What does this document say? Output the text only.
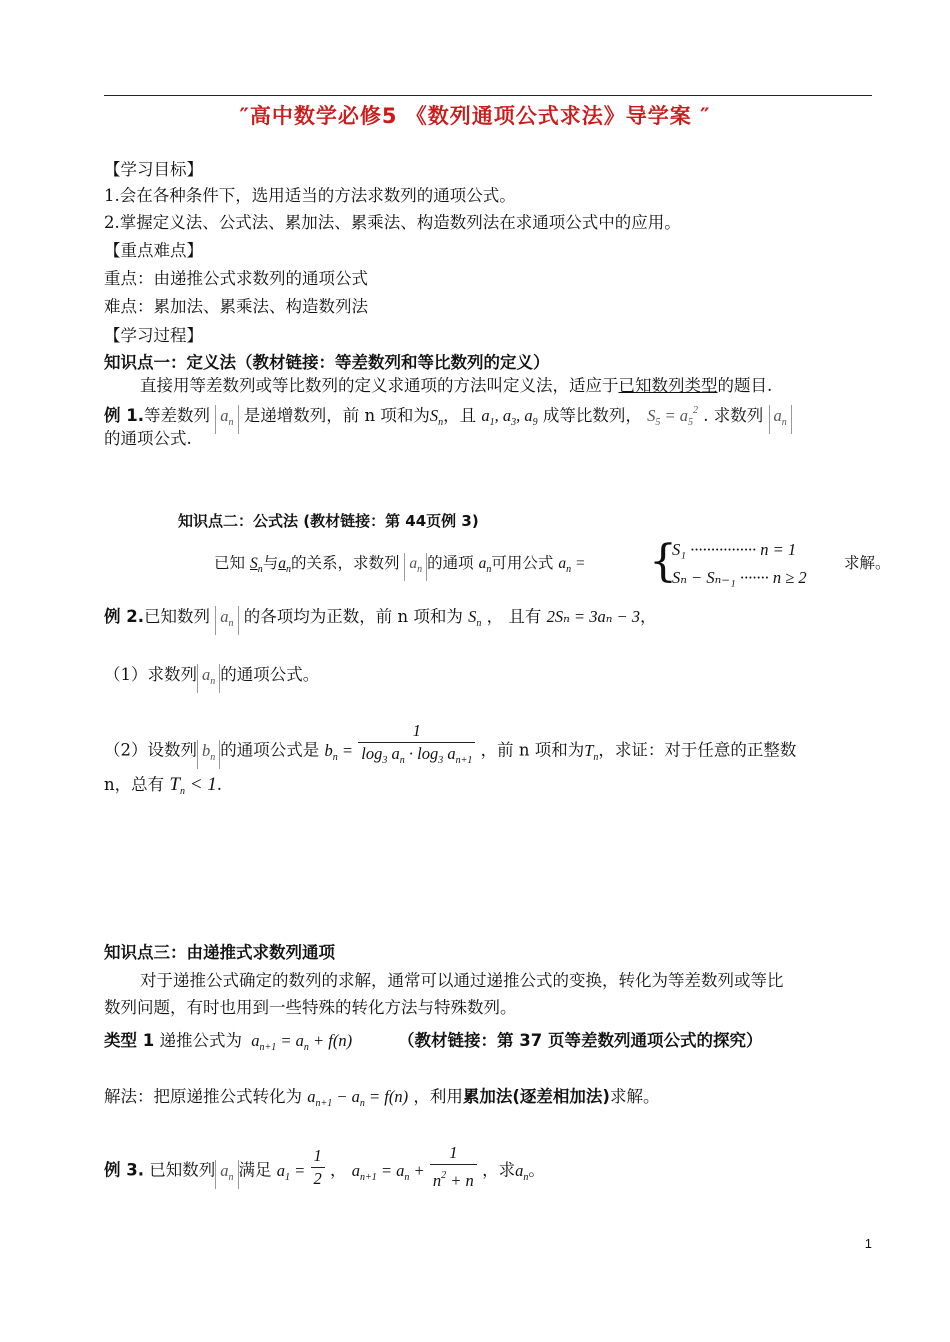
″高中数学必修5 《数列通项公式求法》导学案 ″
【学习目标】
1.会在各种条件下，选用适当的方法求数列的通项公式。
2.掌握定义法、公式法、累加法、累乘法、构造数列法在求通项公式中的应用。
【重点难点】
重点：由递推公式求数列的通项公式
难点：累加法、累乘法、构造数列法
【学习过程】
知识点一：定义法（教材链接：等差数列和等比数列的定义）
直接用等差数列或等比数列的定义求通项的方法叫定义法，适应于已知数列类型的题目.
例 1.等差数列 $a_n$ 是递增数列，前 n 项和为$S_n$，且 $a_1$, $a_3$, $a_9$ 成等比数列， $S_5 = a_5^2$ . 求数列 $a_n$
的通项公式.
知识点二：公式法 (教材链接：第 44页例 3)
已知 $S_n$与$a_n$的关系，求数列 $a_n$ 的通项 $a_n$可用公式 $a_n$ = {
S₁ ················ n = 1
Sₙ − Sₙ₋₁ ······· n ≥ 2
求解。
例 2.已知数列 $a_n$ 的各项均为正数，前 n 项和为 $S_n$ ， 且有 2Sₙ = 3aₙ − 3，
（1）求数列 $a_n$ 的通项公式。
（2）设数列 $b_n$ 的通项公式是 $b_n = \frac{1}{\log_3 a_n \cdot \log_3 a_{n+1}}$ ，前 n 项和为$T_n$，求证：对于任意的正整数
n，总有 $T_n < 1$.
知识点三：由递推式求数列通项
对于递推公式确定的数列的求解，通常可以通过递推公式的变换，转化为等差数列或等比
数列问题，有时也用到一些特殊的转化方法与特殊数列。
类型 1 递推公式为 $a_{n+1} = a_n + f(n)$	（教材链接：第 37 页等差数列通项公式的探究）
解法：把原递推公式转化为 $a_{n+1} - a_n = f(n)$ ，利用累加法(逐差相加法)求解。
例 3. 已知数列 $a_n$ 满足 $a_1 = \frac{1}{2}$ ， $a_{n+1} = a_n + \frac{1}{n^2 + n}$ ，求$a_n$。
1
